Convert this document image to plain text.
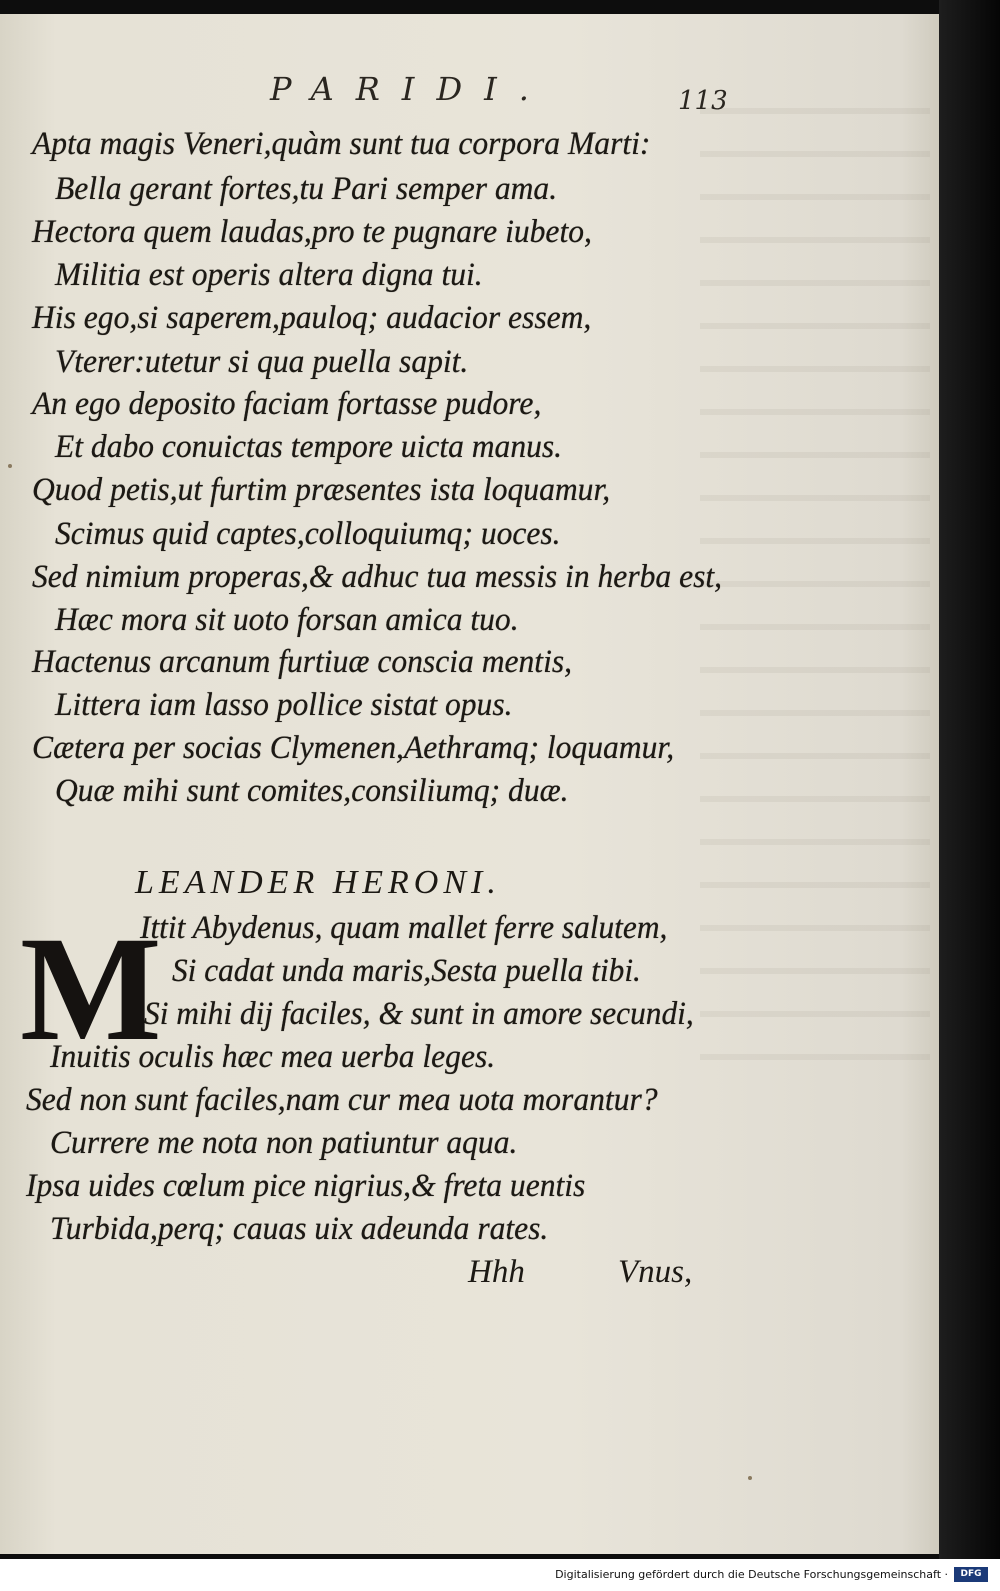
PARIDI.	113
Apta magis Veneri,quàm sunt tua corpora Marti:
Bella gerant fortes,tu Pari semper ama.
Hectora quem laudas,pro te pugnare iubeto,
Militia est operis altera digna tui.
His ego,si saperem,pauloq; audacior essem,
Vterer:utetur si qua puella sapit.
An ego deposito faciam fortasse pudore,
Et dabo conuictas tempore uicta manus.
Quod petis,ut furtim præsentes ista loquamur,
Scimus quid captes,colloquiumq; uoces.
Sed nimium properas,& adhuc tua messis in herba est,
Hæc mora sit uoto forsan amica tuo.
Hactenus arcanum furtiuæ conscia mentis,
Littera iam lasso pollice sistat opus.
Cætera per socias Clymenen,Aethramq; loquamur,
Quæ mihi sunt comites,consiliumq; duæ.
LEANDER HERONI.
M
Ittit Abydenus, quam mallet ferre salutem,
Si cadat unda maris,Sesta puella tibi.
Si mihi dij faciles, & sunt in amore secundi,
Inuitis oculis hæc mea uerba leges.
Sed non sunt faciles,nam cur mea uota morantur?
Currere me nota non patiuntur aqua.
Ipsa uides cœlum pice nigrius,& freta uentis
Turbida,perq; cauas uix adeunda rates.
Hhh	Vnus,
Digitalisierung gefördert durch die Deutsche Forschungsgemeinschaft ·	DFG
